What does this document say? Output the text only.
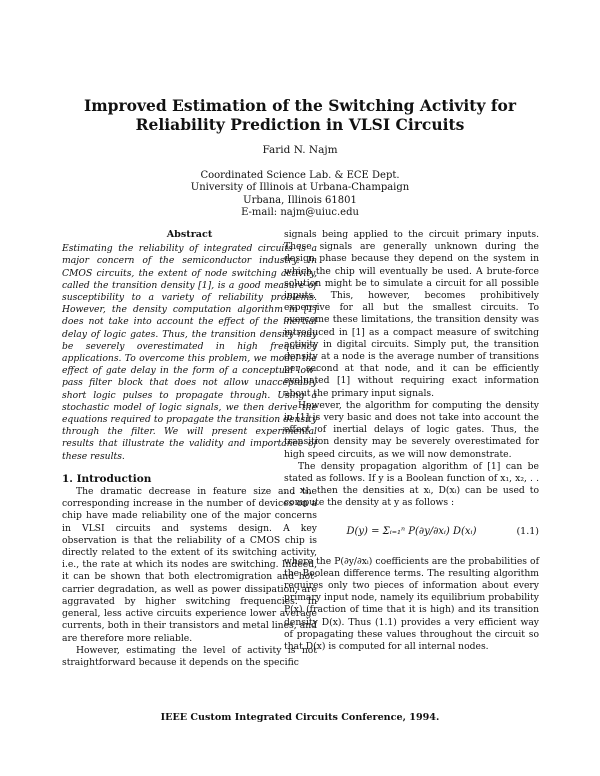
Improved Estimation of the Switching Activity for
Reliability Prediction in VLSI Circuits
Farid N. Najm
Coordinated Science Lab. & ECE Dept.
University of Illinois at Urbana-Champaign
Urbana, Illinois 61801
E-mail: najm@uiuc.edu
Abstract
Estimating the reliability of integrated circuits is a major concern of the semiconductor industry. In CMOS circuits, the extent of node switching activity, called the transition density [1], is a good measure of susceptibility to a variety of reliability problems. However, the density computation algorithm in [1] does not take into account the effect of the inertial delay of logic gates. Thus, the transition density may be severely overestimated in high frequency applications. To overcome this problem, we model the effect of gate delay in the form of a conceptual low-pass filter block that does not allow unacceptably short logic pulses to propagate through. Using a stochastic model of logic signals, we then derive the equations required to propagate the transition density through the filter. We will present experimental results that illustrate the validity and importance of these results.
1. Introduction

The dramatic decrease in feature size and the corresponding increase in the number of devices on a chip have made reliability one of the major concerns in VLSI circuits and systems design. A key observation is that the reliability of a CMOS chip is directly related to the extent of its switching activity, i.e., the rate at which its nodes are switching. Indeed, it can be shown that both electromigration and hot-carrier degradation, as well as power dissipation, are aggravated by higher switching frequencies. In general, less active circuits experience lower average currents, both in their transistors and metal lines, and are therefore more reliable.

However, estimating the level of activity is not straightforward because it depends on the specific

signals being applied to the circuit primary inputs. These signals are generally unknown during the design phase because they depend on the system in which the chip will eventually be used. A brute-force solution might be to simulate a circuit for all possible inputs. This, however, becomes prohibitively expensive for all but the smallest circuits. To overcome these limitations, the transition density was introduced in [1] as a compact measure of switching activity in digital circuits. Simply put, the transition density at a node is the average number of transitions per second at that node, and it can be efficiently evaluated [1] without requiring exact information about the primary input signals.

However, the algorithm for computing the density in [1] is very basic and does not take into account the effect of inertial delays of logic gates. Thus, the transition density may be severely overestimated for high speed circuits, as we will now demonstrate.

The density propagation algorithm of [1] can be stated as follows. If y is a Boolean function of x₁, x₂, . . . , xₙ, then the densities at xᵢ, D(xᵢ) can be used to compute the density at y as follows :

D(y) = Σᵢ₌₁ⁿ P(∂y/∂xᵢ) D(xᵢ)	(1.1)

where the P(∂y/∂xᵢ) coefficients are the probabilities of the Boolean difference terms. The resulting algorithm requires only two pieces of information about every primary input node, namely its equilibrium probability P(x) (fraction of time that it is high) and its transition density D(x). Thus (1.1) provides a very efficient way of propagating these values throughout the circuit so that D(x) is computed for all internal nodes.

IEEE Custom Integrated Circuits Conference, 1994.
